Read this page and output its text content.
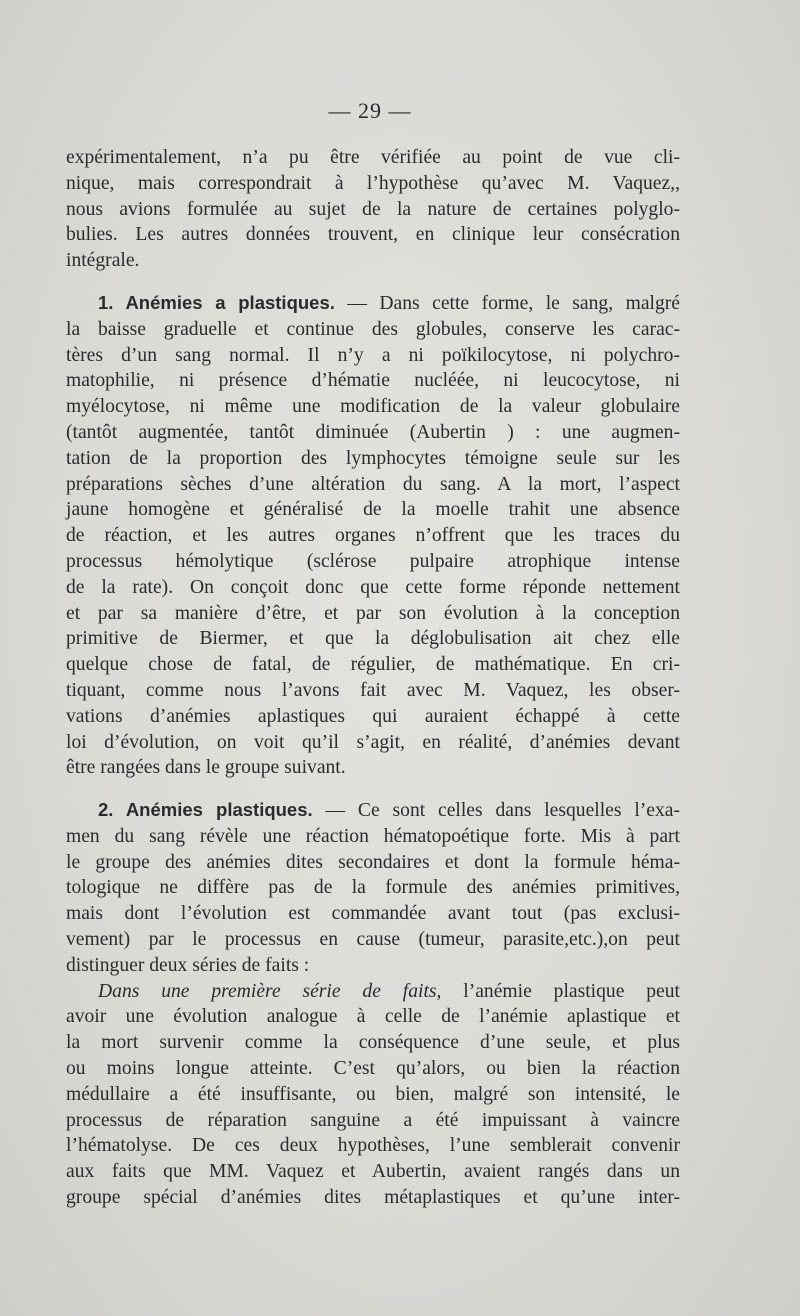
— 29 —
expérimentalement, n’a pu être vérifiée au point de vue cli-
nique, mais correspondrait à l’hypothèse qu’avec M. Vaquez,,
nous avions formulée au sujet de la nature de certaines polyglo-
bulies. Les autres données trouvent, en clinique leur consécration
intégrale.
1. Anémies a plastiques. — Dans cette forme, le sang, malgré
la baisse graduelle et continue des globules, conserve les carac-
tères d’un sang normal. Il n’y a ni poïkilocytose, ni polychro-
matophilie, ni présence d’hématie nucléée, ni leucocytose, ni
myélocytose, ni même une modification de la valeur globulaire
(tantôt augmentée, tantôt diminuée (Aubertin ) : une augmen-
tation de la proportion des lymphocytes témoigne seule sur les
préparations sèches d’une altération du sang. A la mort, l’aspect
jaune homogène et généralisé de la moelle trahit une absence
de réaction, et les autres organes n’offrent que les traces du
processus hémolytique (sclérose pulpaire atrophique intense
de la rate). On conçoit donc que cette forme réponde nettement
et par sa manière d’être, et par son évolution à la conception
primitive de Biermer, et que la déglobulisation ait chez elle
quelque chose de fatal, de régulier, de mathématique. En cri-
tiquant, comme nous l’avons fait avec M. Vaquez, les obser-
vations d’anémies aplastiques qui auraient échappé à cette
loi d’évolution, on voit qu’il s’agit, en réalité, d’anémies devant
être rangées dans le groupe suivant.
2. Anémies plastiques. — Ce sont celles dans lesquelles l’exa-
men du sang révèle une réaction hématopoétique forte. Mis à part
le groupe des anémies dites secondaires et dont la formule héma-
tologique ne diffère pas de la formule des anémies primitives,
mais dont l’évolution est commandée avant tout (pas exclusi-
vement) par le processus en cause (tumeur, parasite,etc.),on peut
distinguer deux séries de faits :
Dans une première série de faits, l’anémie plastique peut
avoir une évolution analogue à celle de l’anémie aplastique et
la mort survenir comme la conséquence d’une seule, et plus
ou moins longue atteinte. C’est qu’alors, ou bien la réaction
médullaire a été insuffisante, ou bien, malgré son intensité, le
processus de réparation sanguine a été impuissant à vaincre
l’hématolyse. De ces deux hypothèses, l’une semblerait convenir
aux faits que MM. Vaquez et Aubertin, avaient rangés dans un
groupe spécial d’anémies dites métaplastiques et qu’une inter-
